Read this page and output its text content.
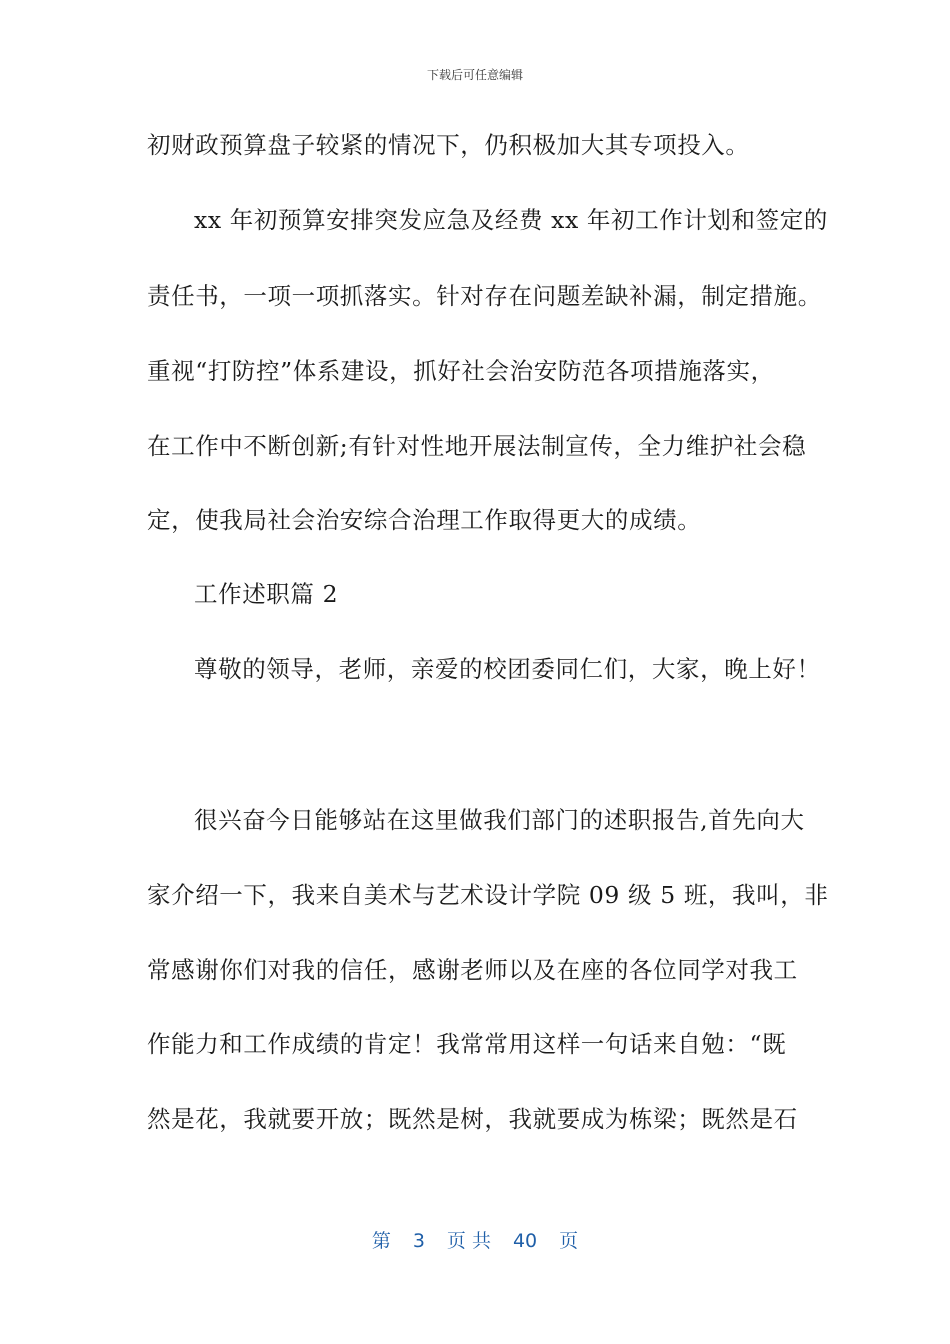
下载后可任意编辑
初财政预算盘子较紧的情况下，仍积极加大其专项投入。
xx 年初预算安排突发应急及经费 xx 年初工作计划和签定的
责任书，一项一项抓落实。针对存在问题差缺补漏，制定措施。
重视“打防控”体系建设，抓好社会治安防范各项措施落实，
在工作中不断创新;有针对性地开展法制宣传，全力维护社会稳
定，使我局社会治安综合治理工作取得更大的成绩。
工作述职篇 2
尊敬的领导，老师，亲爱的校团委同仁们，大家，晚上好！
很兴奋今日能够站在这里做我们部门的述职报告,首先向大
家介绍一下，我来自美术与艺术设计学院 09 级 5 班，我叫，非
常感谢你们对我的信任，感谢老师以及在座的各位同学对我工
作能力和工作成绩的肯定！我常常用这样一句话来自勉：“既
然是花，我就要开放；既然是树，我就要成为栋梁；既然是石
第 3 页 共 40 页
